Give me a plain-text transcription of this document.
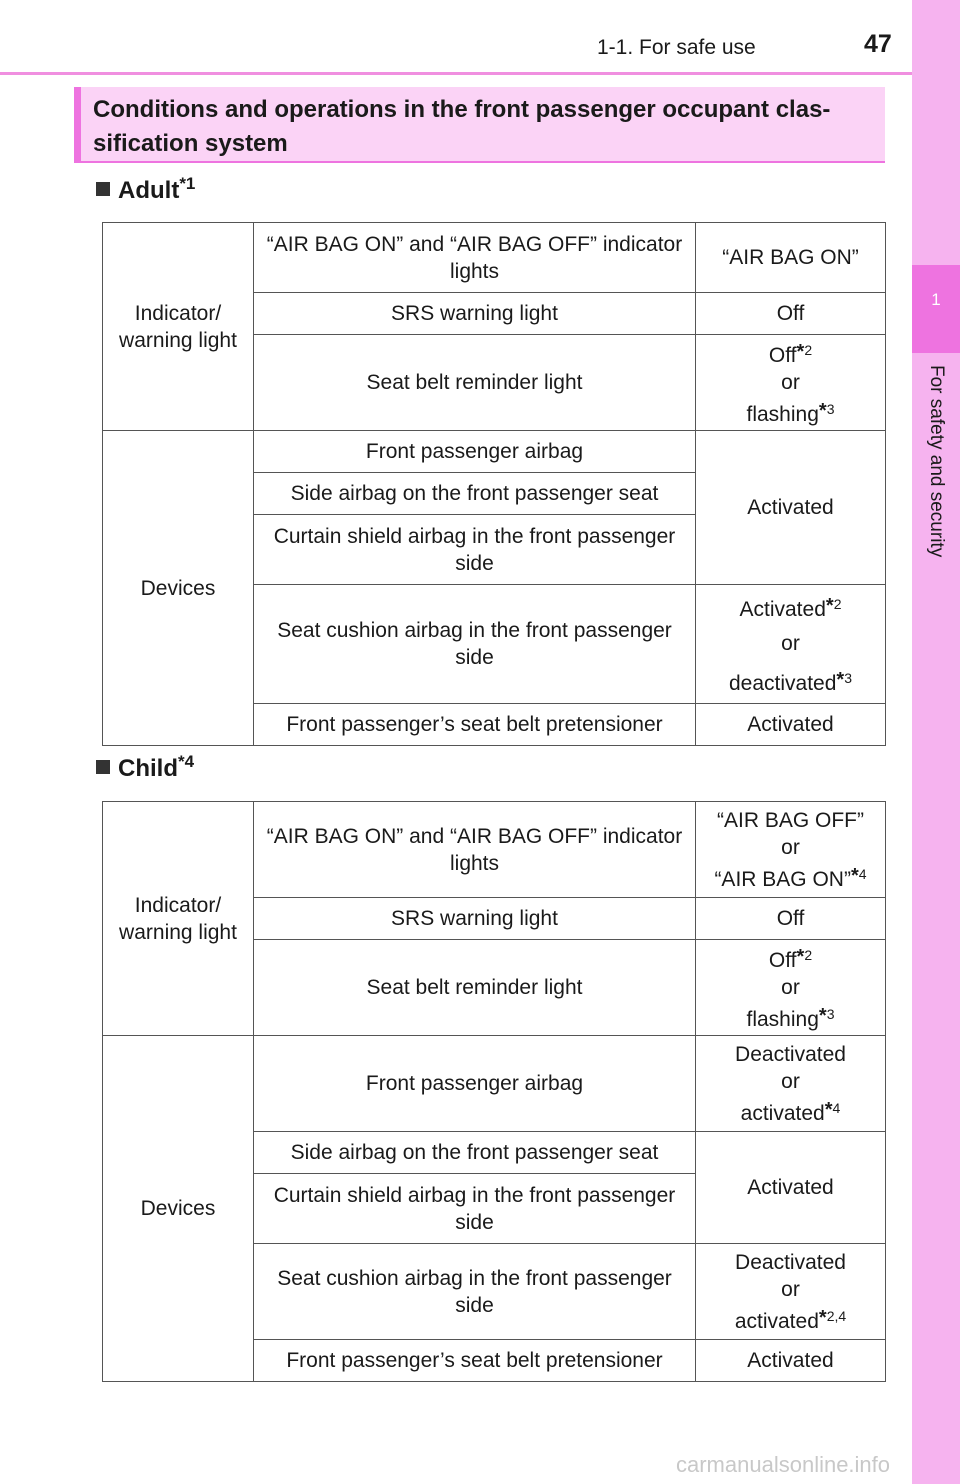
1-1. For safe use	47
1
For safety and security
Conditions and operations in the front passenger occupant clas-
sification system
Adult$^{*1}$
Indicator/ warning light	“AIR BAG ON” and “AIR BAG OFF” indicator lights	“AIR BAG ON”
	SRS warning light	Off
	Seat belt reminder light	Off$^{*2}$
or
flashing$^{*3}$
Devices	Front passenger airbag	Activated
	Side airbag on the front passenger seat	
	Curtain shield airbag in the front passenger side	
	Seat cushion airbag in the front passenger side	Activated$^{*2}$
or
deactivated$^{*3}$
	Front passenger’s seat belt pretensioner	Activated
Child$^{*4}$
Indicator/ warning light	“AIR BAG ON” and “AIR BAG OFF” indicator lights	“AIR BAG OFF”
or
“AIR BAG ON”$^{*4}$
	SRS warning light	Off
	Seat belt reminder light	Off$^{*2}$
or
flashing$^{*3}$
Devices	Front passenger airbag	Deactivated
or
activated$^{*4}$
	Side airbag on the front passenger seat	Activated
	Curtain shield airbag in the front passenger side	
	Seat cushion airbag in the front passenger side	Deactivated
or
activated$^{*2,4}$
	Front passenger’s seat belt pretensioner	Activated
carmanualsonline.info
